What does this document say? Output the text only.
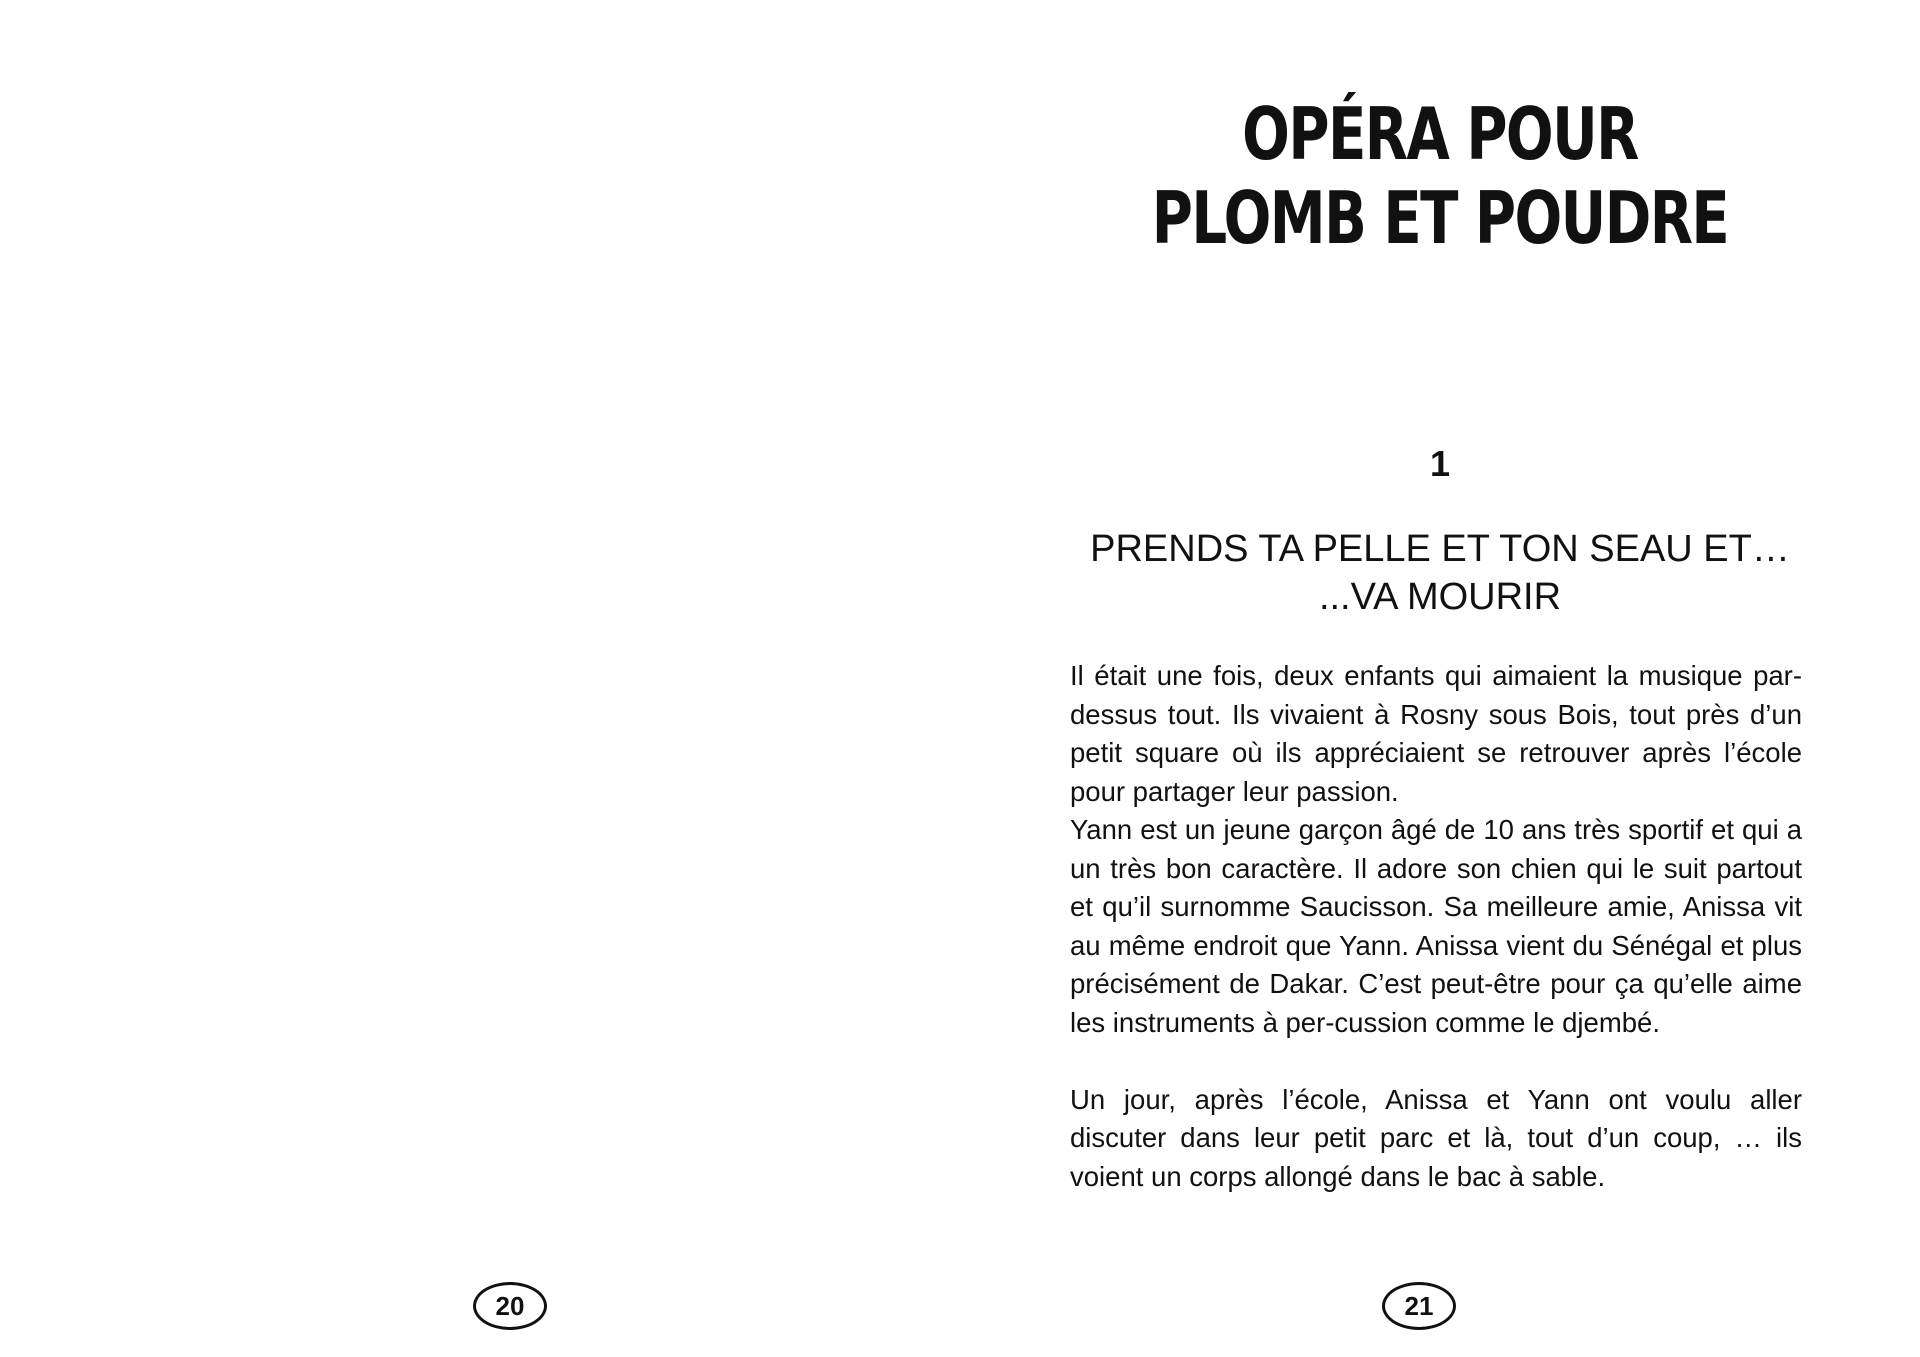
20
OPÉRA POUR
PLOMB ET POUDRE
1
PRENDS TA PELLE ET TON SEAU ET…
...VA MOURIR

Il était une fois, deux enfants qui aimaient la musique par-dessus tout. Ils vivaient à Rosny sous Bois, tout près d’un petit square où ils appréciaient se retrouver après l’école pour partager leur passion.

Yann est un jeune garçon âgé de 10 ans très sportif et qui a un très bon caractère. Il adore son chien qui le suit partout et qu’il surnomme Saucisson. Sa meilleure amie, Anissa vit au même endroit que Yann. Anissa vient du Sénégal et plus précisément de Dakar. C’est peut-être pour ça qu’elle aime les instruments à per-cussion comme le djembé.

Un jour, après l’école, Anissa et Yann ont voulu aller discuter dans leur petit parc et là, tout d’un coup, … ils voient un corps allongé dans le bac à sable.

21
